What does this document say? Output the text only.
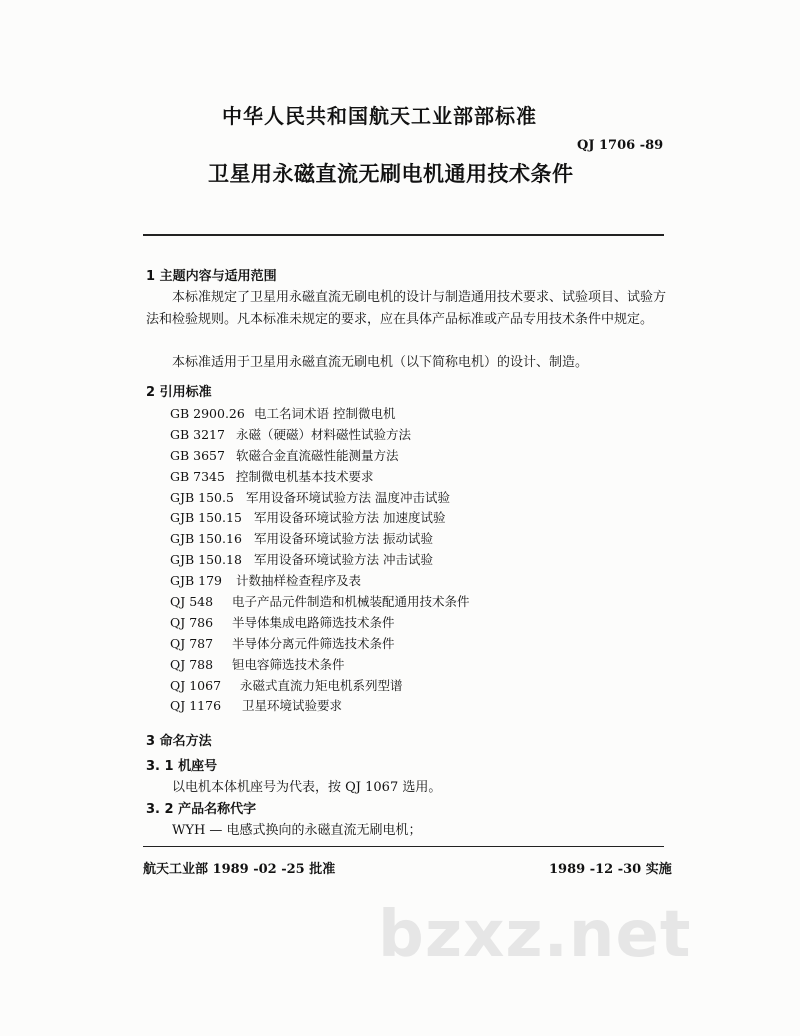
中华人民共和国航天工业部部标准
QJ 1706 -89
卫星用永磁直流无刷电机通用技术条件
1 主题内容与适用范围
本标准规定了卫星用永磁直流无刷电机的设计与制造通用技术要求、试验项目、试验方法和检验规则。凡本标准未规定的要求，应在具体产品标准或产品专用技术条件中规定。
本标准适用于卫星用永磁直流无刷电机（以下简称电机）的设计、制造。
2 引用标准
GB 2900.26 电工名词术语 控制微电机
GB 3217 永磁（硬磁）材料磁性试验方法
GB 3657 软磁合金直流磁性能测量方法
GB 7345 控制微电机基本技术要求
GJB 150.5 军用设备环境试验方法 温度冲击试验
GJB 150.15 军用设备环境试验方法 加速度试验
GJB 150.16 军用设备环境试验方法 振动试验
GJB 150.18 军用设备环境试验方法 冲击试验
GJB 179 计数抽样检查程序及表
QJ 548 电子产品元件制造和机械装配通用技术条件
QJ 786 半导体集成电路筛选技术条件
QJ 787 半导体分离元件筛选技术条件
QJ 788 钽电容筛选技术条件
QJ 1067 永磁式直流力矩电机系列型谱
QJ 1176 卫星环境试验要求
3 命名方法
3. 1 机座号
以电机本体机座号为代表，按 QJ 1067 选用。
3. 2 产品名称代字
WYH — 电感式换向的永磁直流无刷电机；
航天工业部 1989 -02 -25 批准	1989 -12 -30 实施
bzxz.net
